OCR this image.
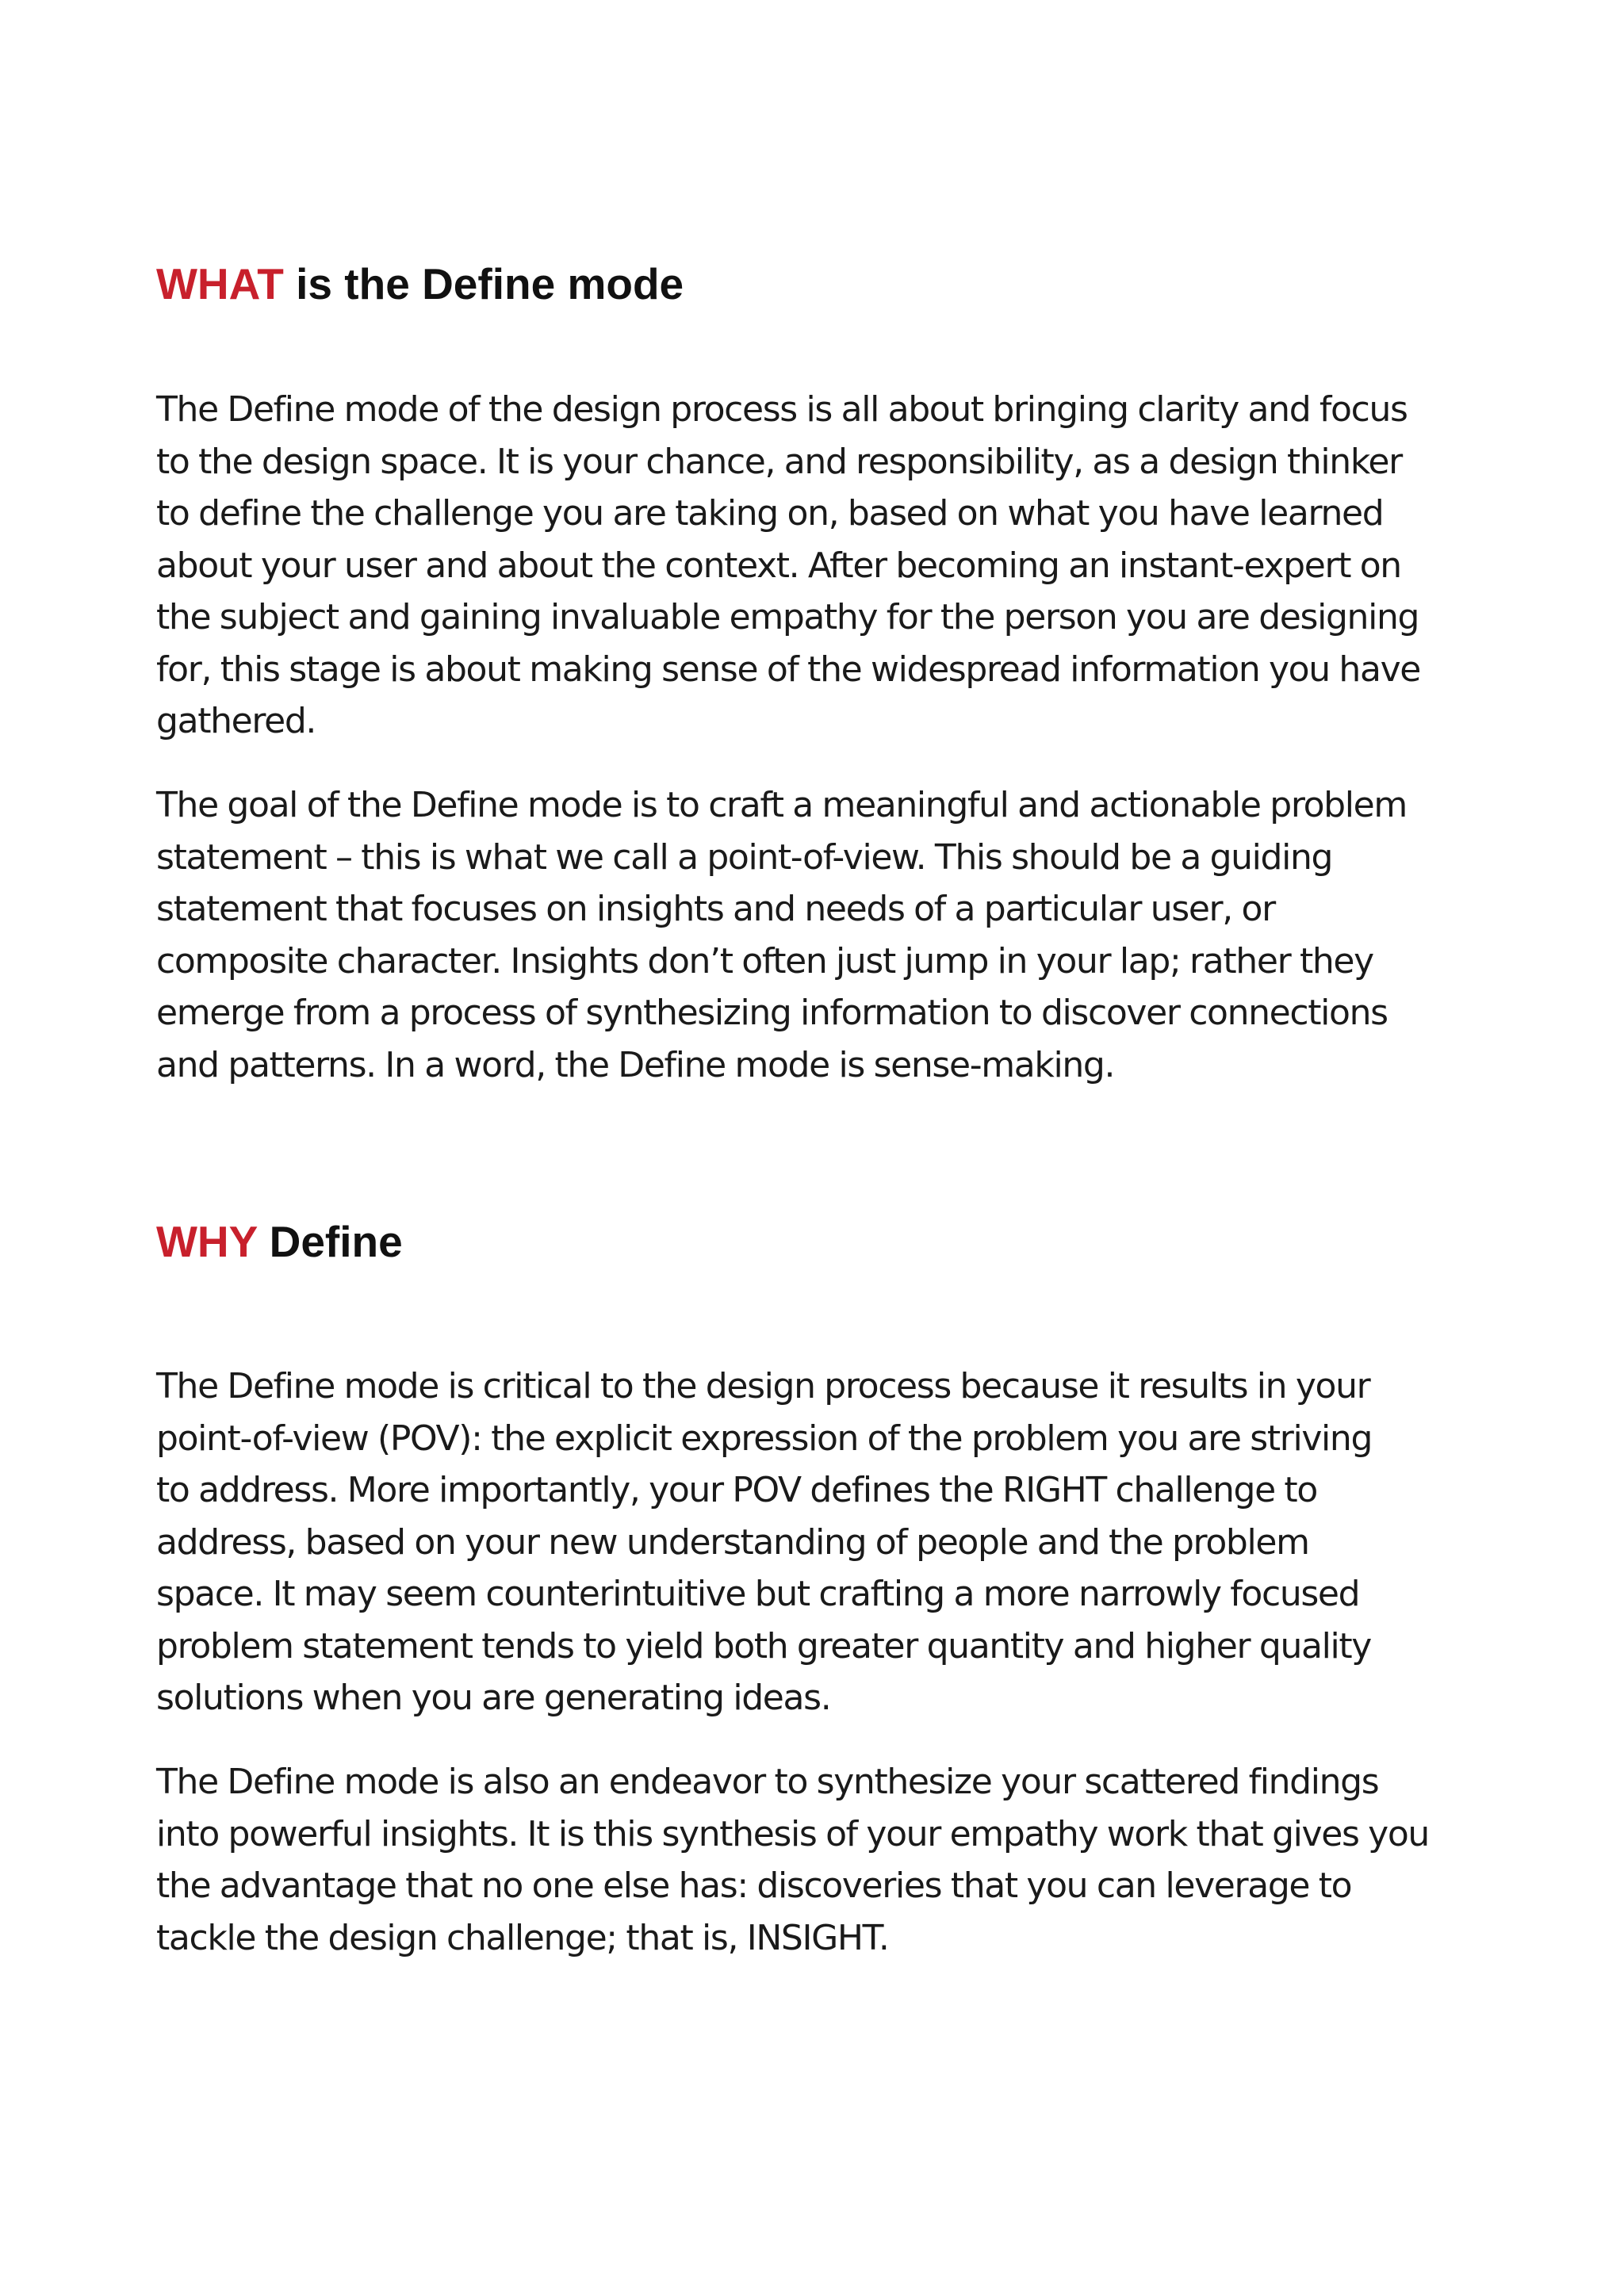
WHAT is the Define mode

The Define mode of the design process is all about bringing clarity and focus
to the design space. It is your chance, and responsibility, as a design thinker
to define the challenge you are taking on, based on what you have learned
about your user and about the context. After becoming an instant-expert on
the subject and gaining invaluable empathy for the person you are designing
for, this stage is about making sense of the widespread information you have
gathered.

The goal of the Define mode is to craft a meaningful and actionable problem
statement – this is what we call a point-of-view. This should be a guiding
statement that focuses on insights and needs of a particular user, or
composite character. Insights don’t often just jump in your lap; rather they
emerge from a process of synthesizing information to discover connections
and patterns. In a word, the Define mode is sense-making.

WHY Define

The Define mode is critical to the design process because it results in your
point-of-view (POV): the explicit expression of the problem you are striving
to address. More importantly, your POV defines the RIGHT challenge to
address, based on your new understanding of people and the problem
space. It may seem counterintuitive but crafting a more narrowly focused
problem statement tends to yield both greater quantity and higher quality
solutions when you are generating ideas.

The Define mode is also an endeavor to synthesize your scattered findings
into powerful insights. It is this synthesis of your empathy work that gives you
the advantage that no one else has: discoveries that you can leverage to
tackle the design challenge; that is, INSIGHT.
